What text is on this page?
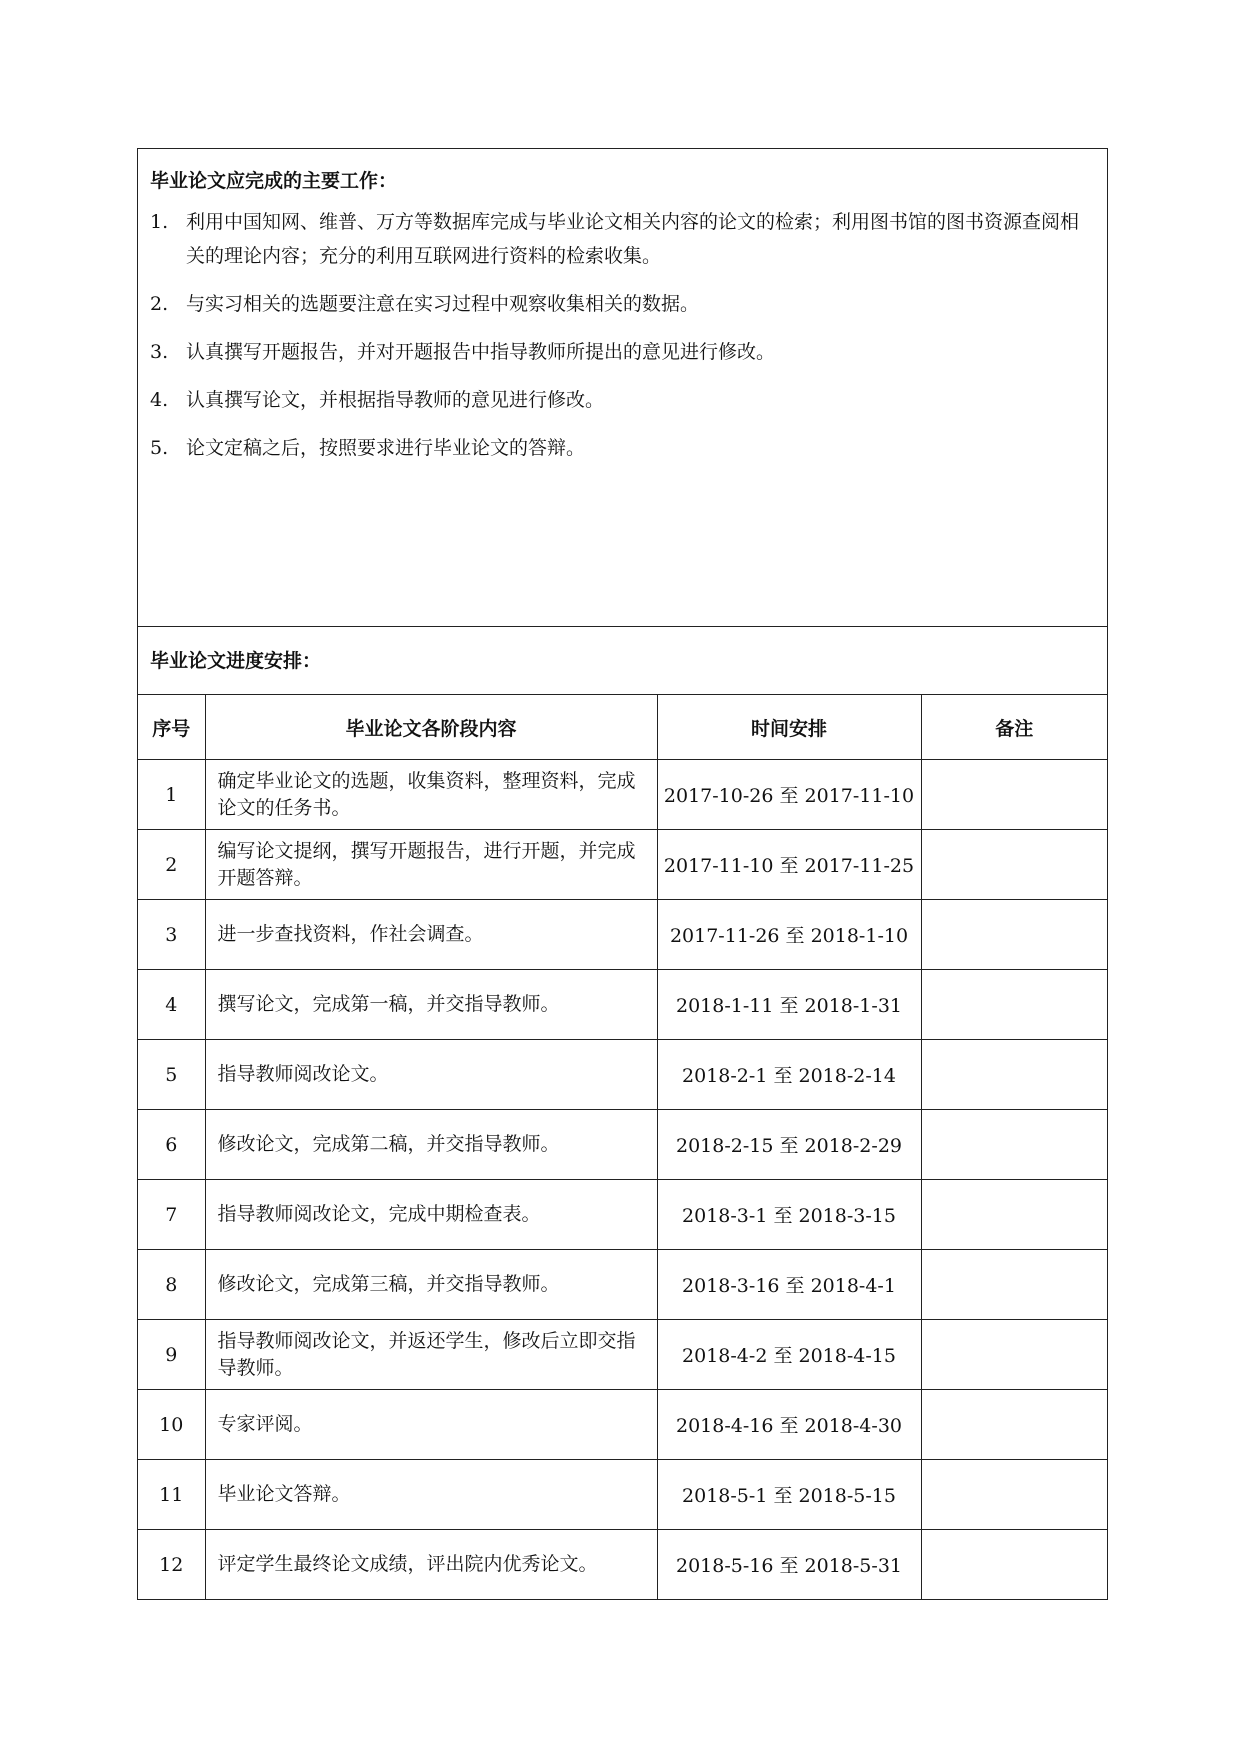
毕业论文应完成的主要工作：
1. 利用中国知网、维普、万方等数据库完成与毕业论文相关内容的论文的检索；利用图书馆的图书资源查阅相关的理论内容；充分的利用互联网进行资料的检索收集。
2. 与实习相关的选题要注意在实习过程中观察收集相关的数据。
3. 认真撰写开题报告，并对开题报告中指导教师所提出的意见进行修改。
4. 认真撰写论文，并根据指导教师的意见进行修改。
5. 论文定稿之后，按照要求进行毕业论文的答辩。
毕业论文进度安排：
序号	毕业论文各阶段内容	时间安排	备注
1	确定毕业论文的选题，收集资料，整理资料，完成论文的任务书。	2017-10-26 至 2017-11-10	
2	编写论文提纲，撰写开题报告，进行开题，并完成开题答辩。	2017-11-10 至 2017-11-25	
3	进一步查找资料，作社会调查。	2017-11-26 至 2018-1-10	
4	撰写论文，完成第一稿，并交指导教师。	2018-1-11 至 2018-1-31	
5	指导教师阅改论文。	2018-2-1 至 2018-2-14	
6	修改论文，完成第二稿，并交指导教师。	2018-2-15 至 2018-2-29	
7	指导教师阅改论文，完成中期检查表。	2018-3-1 至 2018-3-15	
8	修改论文，完成第三稿，并交指导教师。	2018-3-16 至 2018-4-1	
9	指导教师阅改论文，并返还学生，修改后立即交指导教师。	2018-4-2 至 2018-4-15	
10	专家评阅。	2018-4-16 至 2018-4-30	
11	毕业论文答辩。	2018-5-1 至 2018-5-15	
12	评定学生最终论文成绩，评出院内优秀论文。	2018-5-16 至 2018-5-31	
